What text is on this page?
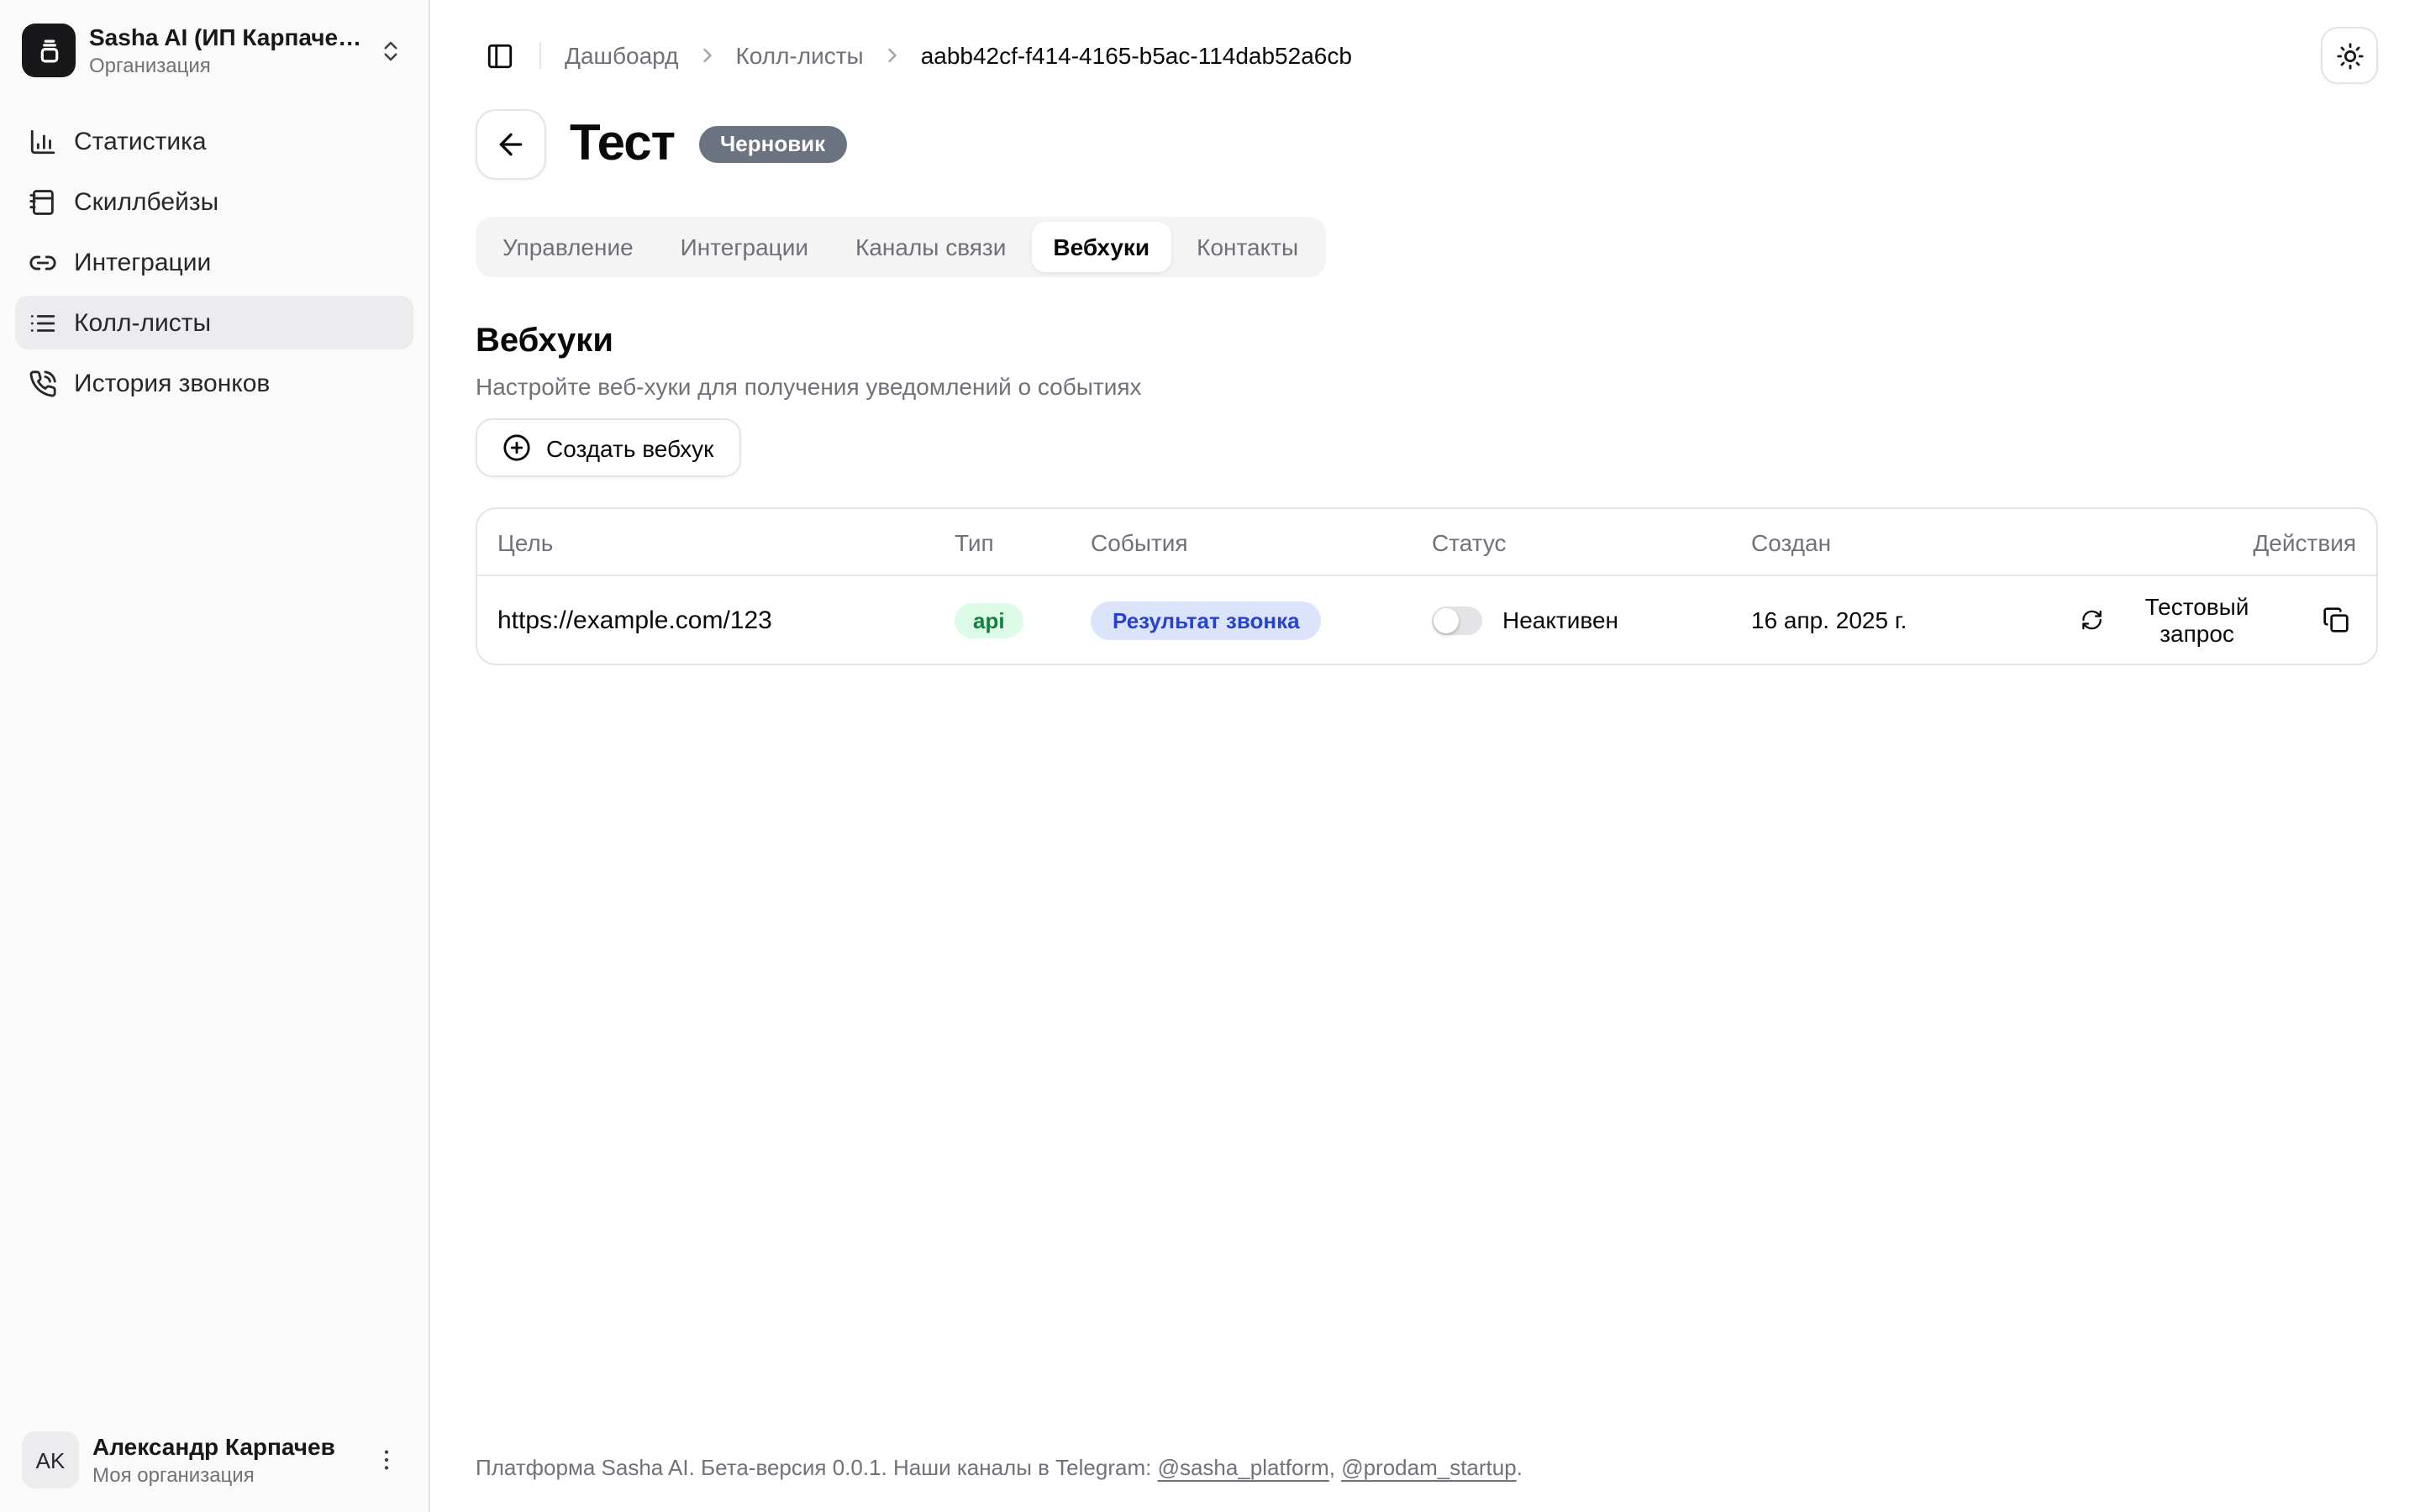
Sasha AI (ИП Карпаче…
Организация
Статистика
Скиллбейзы
Интеграции
Колл-листы
История звонков
AK
Александр Карпачев
Моя организация
Дашбоард	Колл-листы	aabb42cf-f414-4165-b5ac-114dab52a6cb
Тест	Черновик
Управление	Интеграции	Каналы связи	Вебхуки	Контакты
Вебхуки

Настройте веб-хуки для получения уведомлений о событиях

Создать вебхук
Цель	Тип	События	Статус	Создан	Действия
https://example.com/123	api	Результат звонка	Неактивен	16 апр. 2025 г.	Тестовый запрос
Платформа Sasha AI. Бета-версия 0.0.1. Наши каналы в Telegram: @sasha_platform, @prodam_startup.
